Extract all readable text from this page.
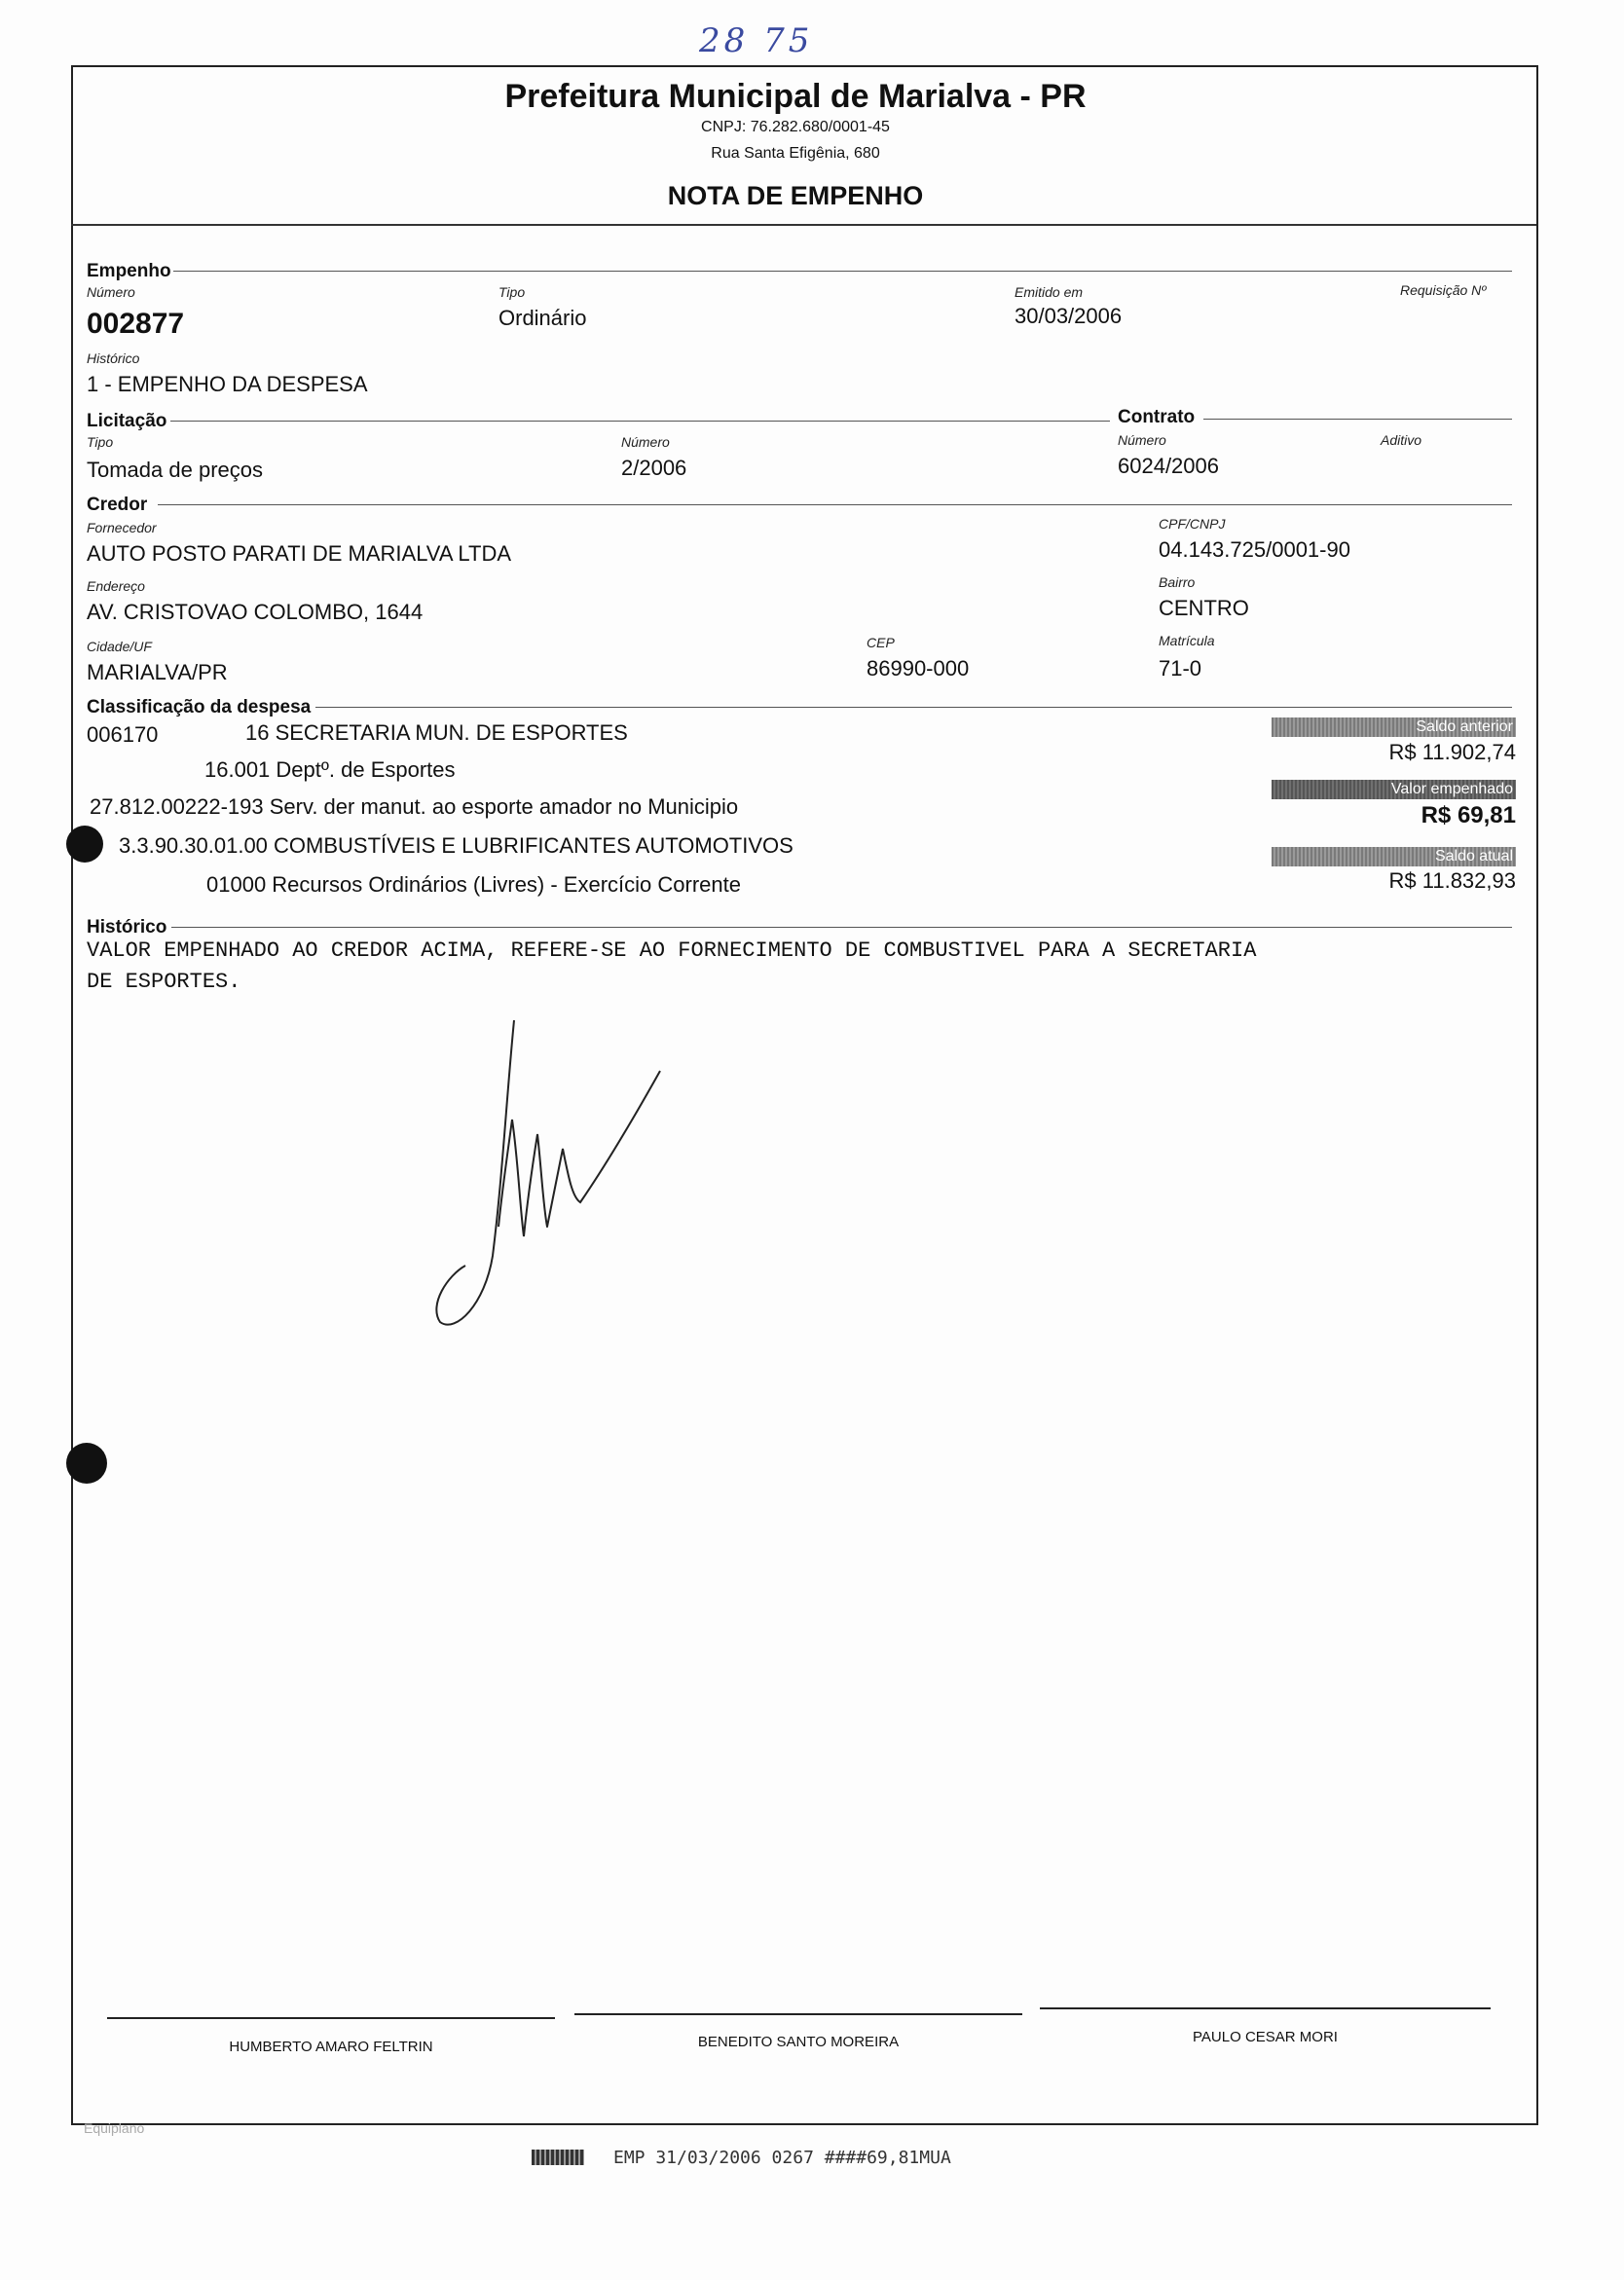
28 75
Prefeitura Municipal de Marialva - PR
CNPJ: 76.282.680/0001-45
Rua Santa Efigênia, 680
NOTA DE EMPENHO
Empenho
Número
002877
Tipo
Ordinário
Emitido em
30/03/2006
Requisição Nº
Histórico
1 - EMPENHO DA DESPESA
Licitação	Contrato
Tipo
Tomada de preços
Número
2/2006
Número
6024/2006
Aditivo
Credor
Fornecedor
AUTO POSTO PARATI DE MARIALVA LTDA
CPF/CNPJ
04.143.725/0001-90
Endereço
AV. CRISTOVAO COLOMBO, 1644
Bairro
CENTRO
Cidade/UF
MARIALVA/PR
CEP
86990-000
Matrícula
71-0
Classificação da despesa
006170	16 SECRETARIA MUN. DE ESPORTES
16.001 Deptº. de Esportes
27.812.00222-193 Serv. der manut. ao esporte amador no Municipio
3.3.90.30.01.00 COMBUSTÍVEIS E LUBRIFICANTES AUTOMOTIVOS
01000 Recursos Ordinários (Livres) - Exercício Corrente
Saldo anterior
R$ 11.902,74
Valor empenhado
R$ 69,81
Saldo atual
R$ 11.832,93
Histórico
VALOR EMPENHADO AO CREDOR ACIMA, REFERE-SE AO FORNECIMENTO DE COMBUSTIVEL PARA A SECRETARIA
DE ESPORTES.
HUMBERTO AMARO FELTRIN	BENEDITO SANTO MOREIRA	PAULO CESAR MORI
Equiplano
EMP 31/03/2006 0267 ####69,81MUA
